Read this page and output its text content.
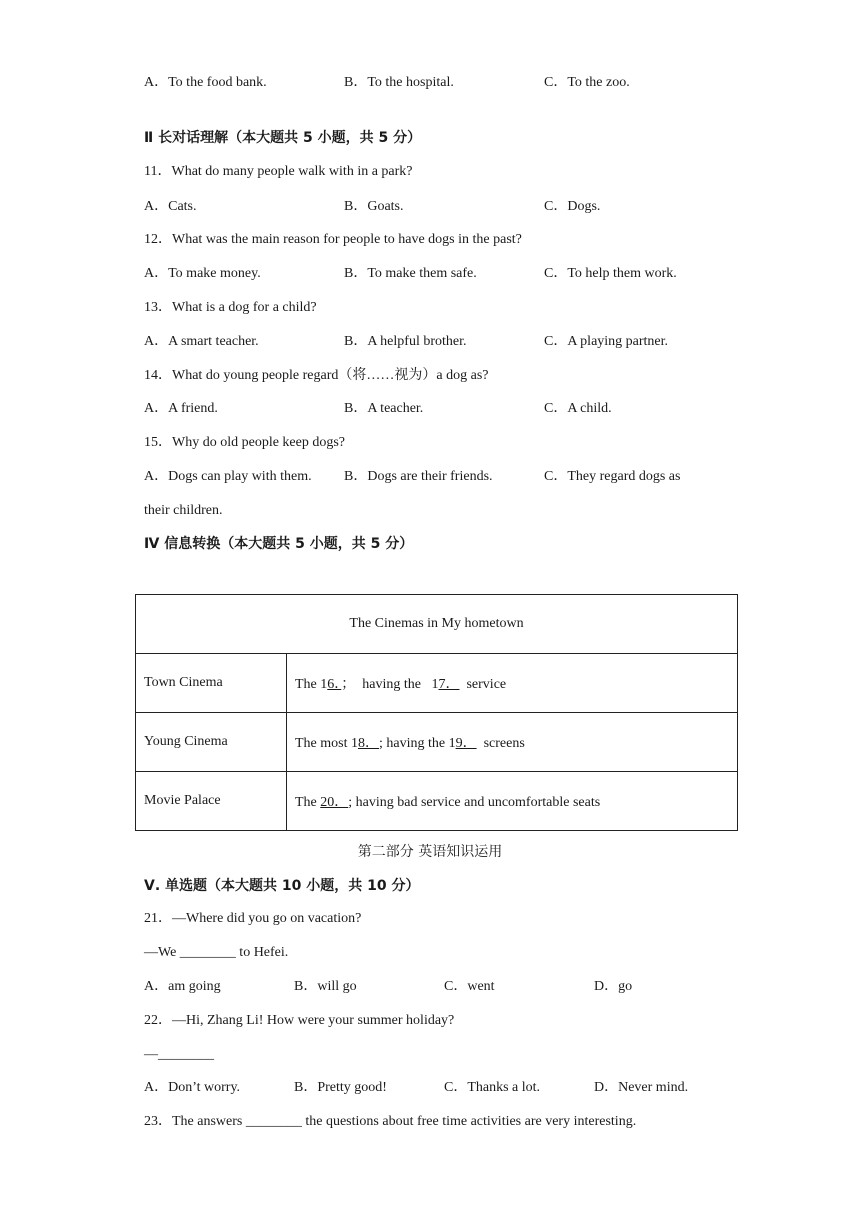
A．To the food bank.	B．To the hospital.	C．To the zoo.
Ⅱ 长对话理解（本大题共 5 小题，共 5 分）
11．What do many people walk with in a park?
A．Cats.	B．Goats.	C．Dogs.
12．What was the main reason for people to have dogs in the past?
A．To make money.	B．To make them safe.	C．To help them work.
13．What is a dog for a child?
A．A smart teacher.	B．A helpful brother.	C．A playing partner.
14．What do young people regard（将……视为）a dog as?
A．A friend.	B．A teacher.	C．A child.
15．Why do old people keep dogs?
A．Dogs can play with them. B．Dogs are their friends.	C．They regard dogs as
their children.
Ⅳ 信息转换（本大题共 5 小题，共 5 分）
The Cinemas in My hometown	
Town Cinema	The 16．；  having the   17．  service
Young Cinema	The most 18．; having the 19．  screens
Movie Palace	The 20．; having bad service and uncomfortable seats
第二部分 英语知识运用
Ⅴ. 单选题（本大题共 10 小题，共 10 分）
21．—Where did you go on vacation?
—We ________ to Hefei.
A．am going	B．will go	C．went	D．go
22．—Hi, Zhang Li! How were your summer holiday?
—________
A．Don’t worry.	B．Pretty good!	C．Thanks a lot.	D．Never mind.
23．The answers ________ the questions about free time activities are very interesting.
